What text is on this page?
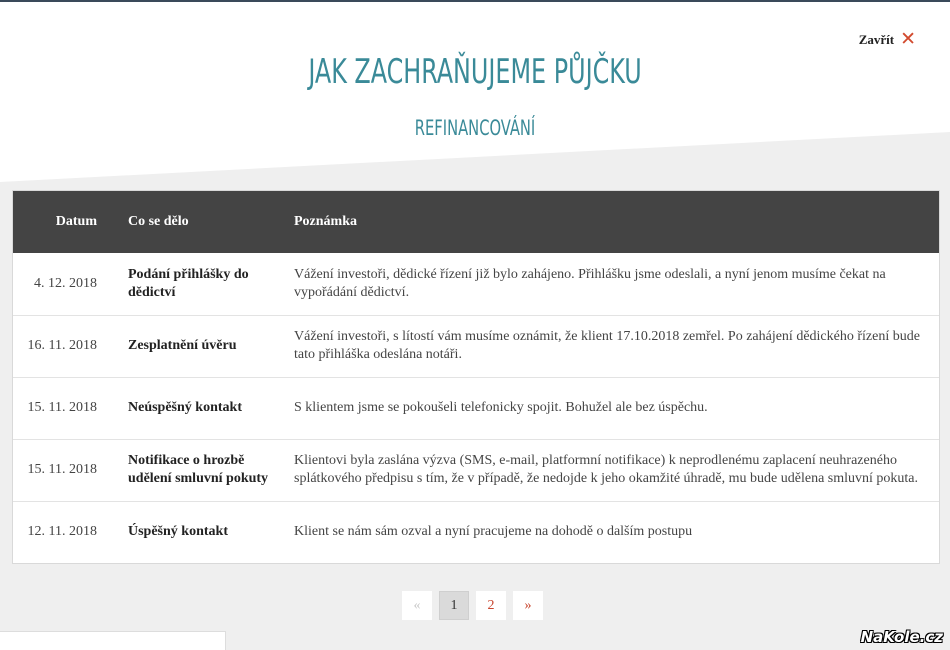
Zavřít ✕
JAK ZACHRAŇUJEME PŮJČKU
REFINANCOVÁNÍ
Datum	Co se dělo	Poznámka
4. 12. 2018	Podání přihlášky do dědictví	Vážení investoři, dědické řízení již bylo zahájeno. Přihlášku jsme odeslali, a nyní jenom musíme čekat na vypořádání dědictví.
16. 11. 2018	Zesplatnění úvěru	Vážení investoři, s lítostí vám musíme oznámit, že klient 17.10.2018 zemřel. Po zahájení dědického řízení bude tato přihláška odeslána notáři.
15. 11. 2018	Neúspěšný kontakt	S klientem jsme se pokoušeli telefonicky spojit. Bohužel ale bez úspěchu.
15. 11. 2018	Notifikace o hrozbě udělení smluvní pokuty	Klientovi byla zaslána výzva (SMS, e-mail, platformní notifikace) k neprodlenému zaplacení neuhrazeného splátkového předpisu s tím, že v případě, že nedojde k jeho okamžité úhradě, mu bude udělena smluvní pokuta.
12. 11. 2018	Úspěšný kontakt	Klient se nám sám ozval a nyní pracujeme na dohodě o dalším postupu
«	1	2	»
NaKole.cz
